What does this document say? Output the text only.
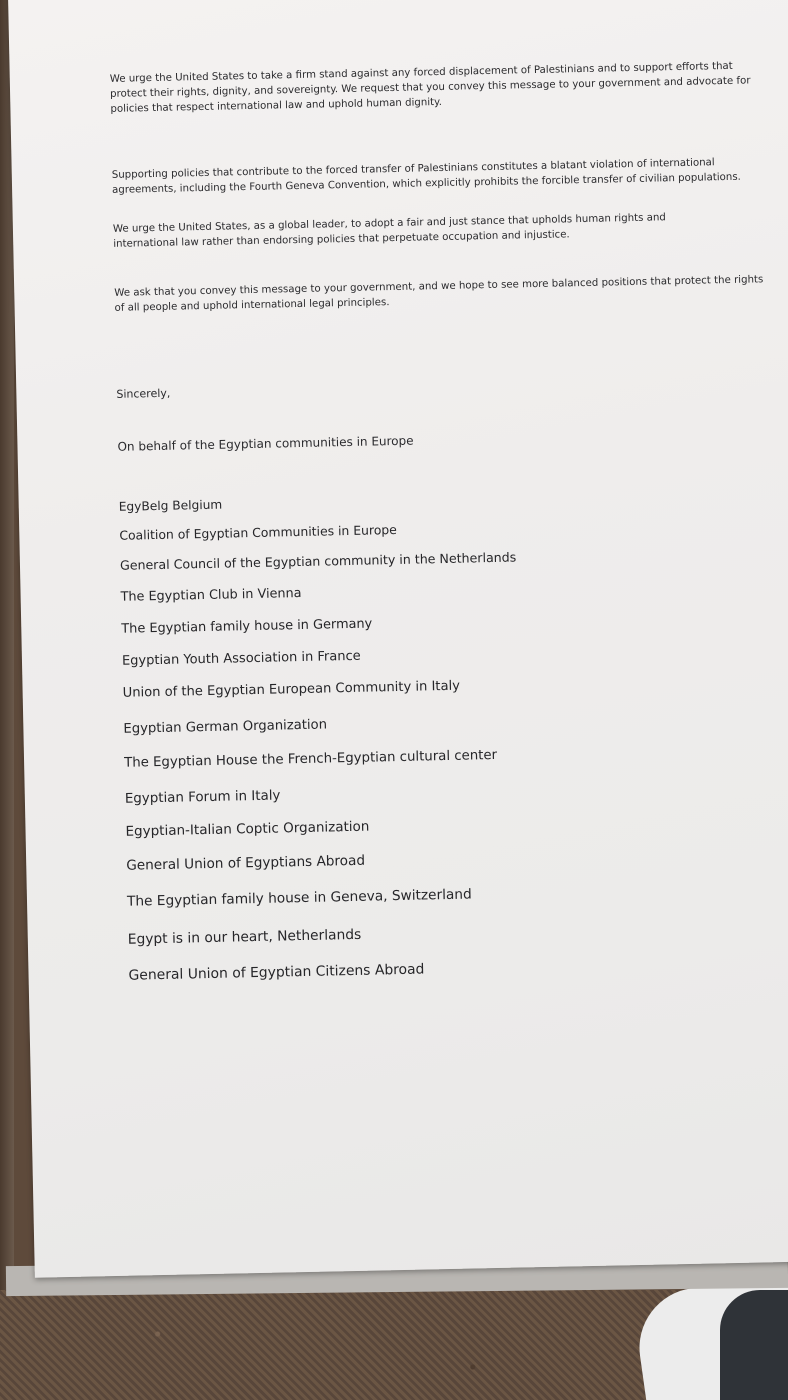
We urge the United States to take a firm stand against any forced displacement of Palestinians and to support efforts that protect their rights, dignity, and sovereignty. We request that you convey this message to your government and advocate for policies that respect international law and uphold human dignity.

Supporting policies that contribute to the forced transfer of Palestinians constitutes a blatant violation of international agreements, including the Fourth Geneva Convention, which explicitly prohibits the forcible transfer of civilian populations.

We urge the United States, as a global leader, to adopt a fair and just stance that upholds human rights and international law rather than endorsing policies that perpetuate occupation and injustice.

We ask that you convey this message to your government, and we hope to see more balanced positions that protect the rights of all people and uphold international legal principles.

Sincerely,
On behalf of the Egyptian communities in Europe
EgyBelg Belgium
Coalition of Egyptian Communities in Europe
General Council of the Egyptian community in the Netherlands
The Egyptian Club in Vienna
The Egyptian family house in Germany
Egyptian Youth Association in France
Union of the Egyptian European Community in Italy
Egyptian German Organization
The Egyptian House the French-Egyptian cultural center
Egyptian Forum in Italy
Egyptian-Italian Coptic Organization
General Union of Egyptians Abroad
The Egyptian family house in Geneva, Switzerland
Egypt is in our heart, Netherlands
General Union of Egyptian Citizens Abroad
